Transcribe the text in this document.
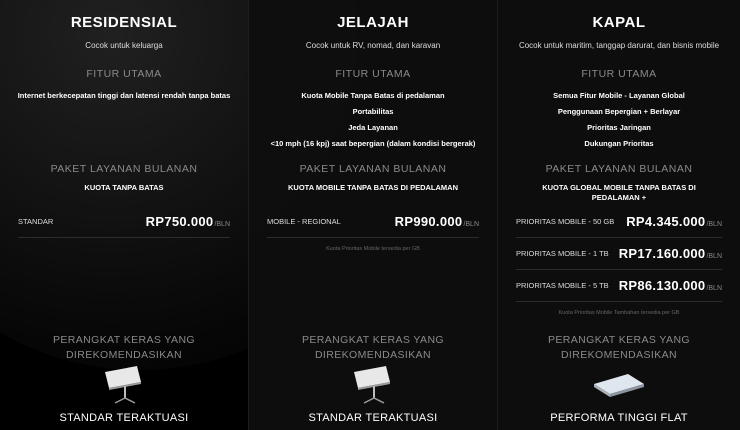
RESIDENSIAL
Cocok untuk keluarga
FITUR UTAMA
Internet berkecepatan tinggi dan latensi rendah tanpa batas
PAKET LAYANAN BULANAN
KUOTA TANPA BATAS
STANDAR	RP750.000 /BLN
PERANGKAT KERAS YANG
DIREKOMENDASIKAN
STANDAR TERAKTUASI
JELAJAH
Cocok untuk RV, nomad, dan karavan
FITUR UTAMA
Kuota Mobile Tanpa Batas di pedalaman
Portabilitas
Jeda Layanan
<10 mph (16 kpj) saat bepergian (dalam kondisi bergerak)
PAKET LAYANAN BULANAN
KUOTA MOBILE TANPA BATAS DI PEDALAMAN
MOBILE - REGIONAL	RP990.000 /BLN
Kuota Prioritas Mobile tersedia per GB
PERANGKAT KERAS YANG
DIREKOMENDASIKAN
STANDAR TERAKTUASI
KAPAL
Cocok untuk maritim, tanggap darurat, dan bisnis mobile
FITUR UTAMA
Semua Fitur Mobile - Layanan Global
Penggunaan Bepergian + Berlayar
Prioritas Jaringan
Dukungan Prioritas
PAKET LAYANAN BULANAN
KUOTA GLOBAL MOBILE TANPA BATAS DI PEDALAMAN +
PRIORITAS MOBILE - 50 GB RP4.345.000 /BLN
PRIORITAS MOBILE - 1 TB RP17.160.000 /BLN
PRIORITAS MOBILE - 5 TB RP86.130.000 /BLN
Kuota Prioritas Mobile Tambahan tersedia per GB
PERANGKAT KERAS YANG
DIREKOMENDASIKAN
PERFORMA TINGGI FLAT
